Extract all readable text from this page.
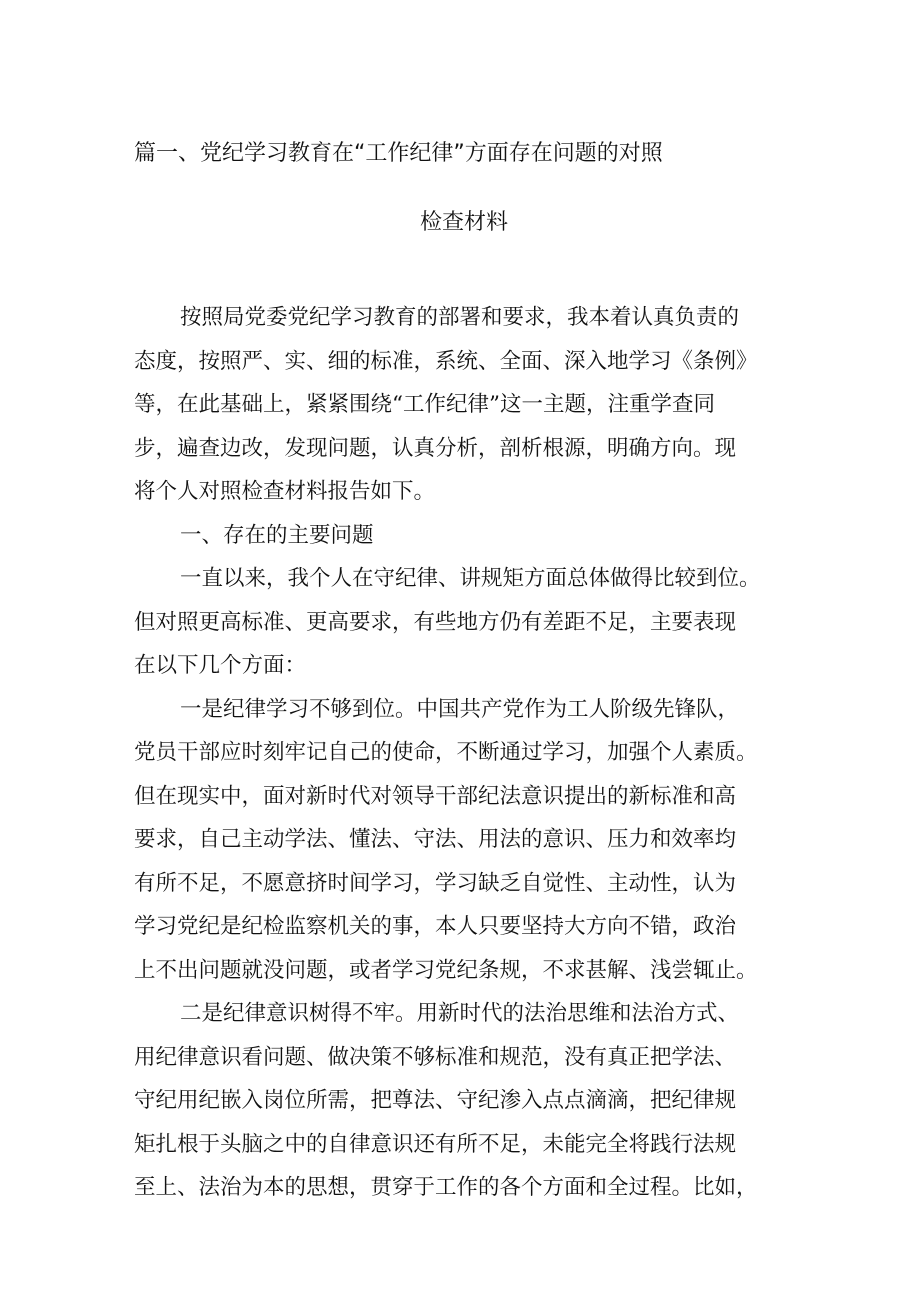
篇一、党纪学习教育在“工作纪律”方面存在问题的对照
检查材料
按照局党委党纪学习教育的部署和要求，我本着认真负责的
态度，按照严、实、细的标准，系统、全面、深入地学习《条例》
等，在此基础上，紧紧围绕“工作纪律”这一主题，注重学查同
步，遍查边改，发现问题，认真分析，剖析根源，明确方向。现
将个人对照检查材料报告如下。
一、存在的主要问题
一直以来，我个人在守纪律、讲规矩方面总体做得比较到位。
但对照更高标准、更高要求，有些地方仍有差距不足，主要表现
在以下几个方面：
一是纪律学习不够到位。中国共产党作为工人阶级先锋队，
党员干部应时刻牢记自己的使命，不断通过学习，加强个人素质。
但在现实中，面对新时代对领导干部纪法意识提出的新标准和高
要求，自己主动学法、懂法、守法、用法的意识、压力和效率均
有所不足，不愿意挤时间学习，学习缺乏自觉性、主动性，认为
学习党纪是纪检监察机关的事，本人只要坚持大方向不错，政治
上不出问题就没问题，或者学习党纪条规，不求甚解、浅尝辄止。
二是纪律意识树得不牢。用新时代的法治思维和法治方式、
用纪律意识看问题、做决策不够标准和规范，没有真正把学法、
守纪用纪嵌入岗位所需，把尊法、守纪渗入点点滴滴，把纪律规
矩扎根于头脑之中的自律意识还有所不足，未能完全将践行法规
至上、法治为本的思想，贯穿于工作的各个方面和全过程。比如，
